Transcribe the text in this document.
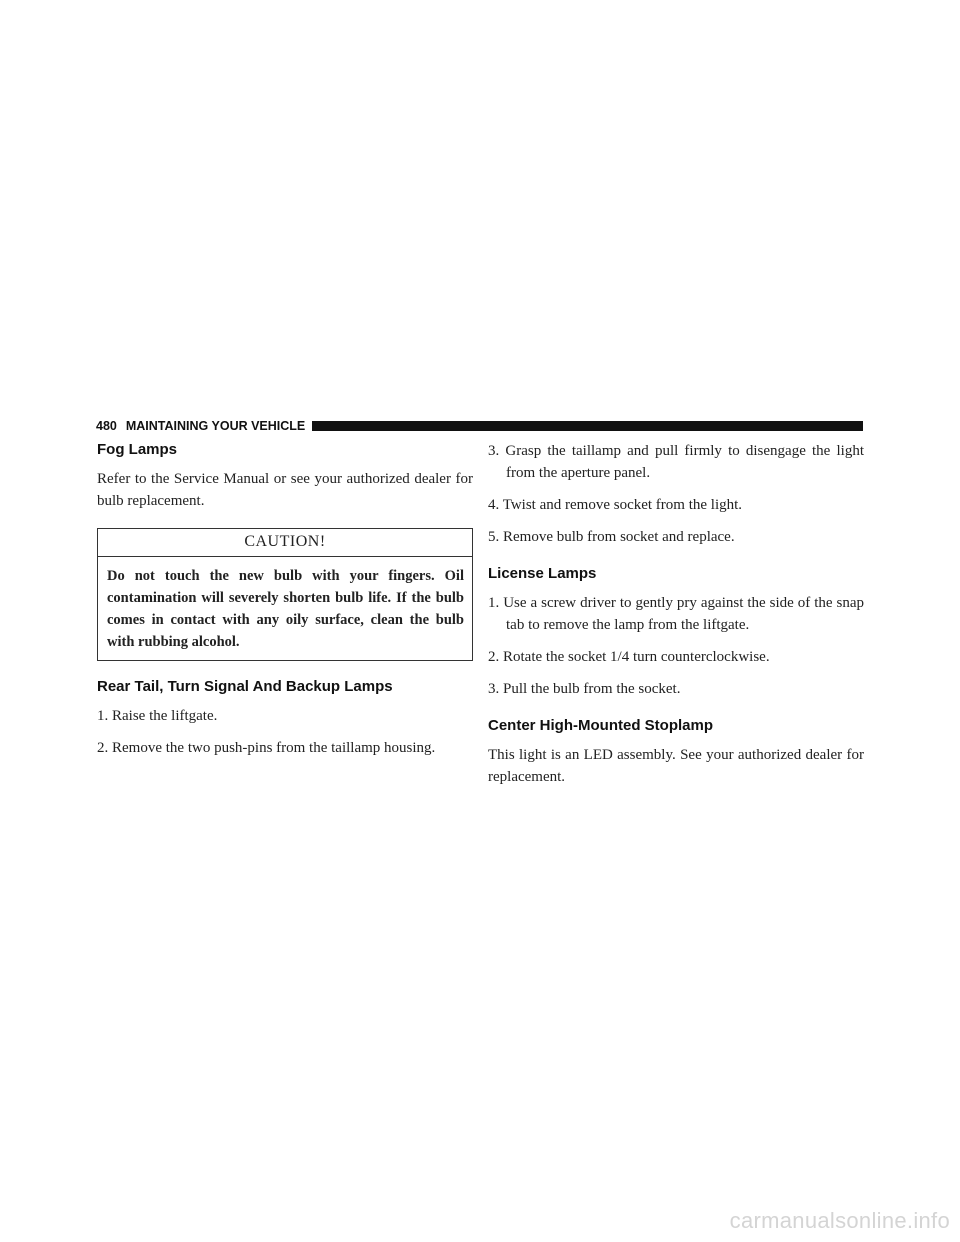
480 MAINTAINING YOUR VEHICLE
Fog Lamps

Refer to the Service Manual or see your authorized dealer for bulb replacement.

CAUTION!
Do not touch the new bulb with your fingers. Oil contamination will severely shorten bulb life. If the bulb comes in contact with any oily surface, clean the bulb with rubbing alcohol.
Rear Tail, Turn Signal And Backup Lamps
1. Raise the liftgate.
2. Remove the two push-pins from the taillamp housing.
3. Grasp the taillamp and pull firmly to disengage the light from the aperture panel.
4. Twist and remove socket from the light.
5. Remove bulb from socket and replace.
License Lamps
1. Use a screw driver to gently pry against the side of the snap tab to remove the lamp from the liftgate.
2. Rotate the socket 1/4 turn counterclockwise.
3. Pull the bulb from the socket.
Center High-Mounted Stoplamp

This light is an LED assembly. See your authorized dealer for replacement.

carmanualsonline.info
